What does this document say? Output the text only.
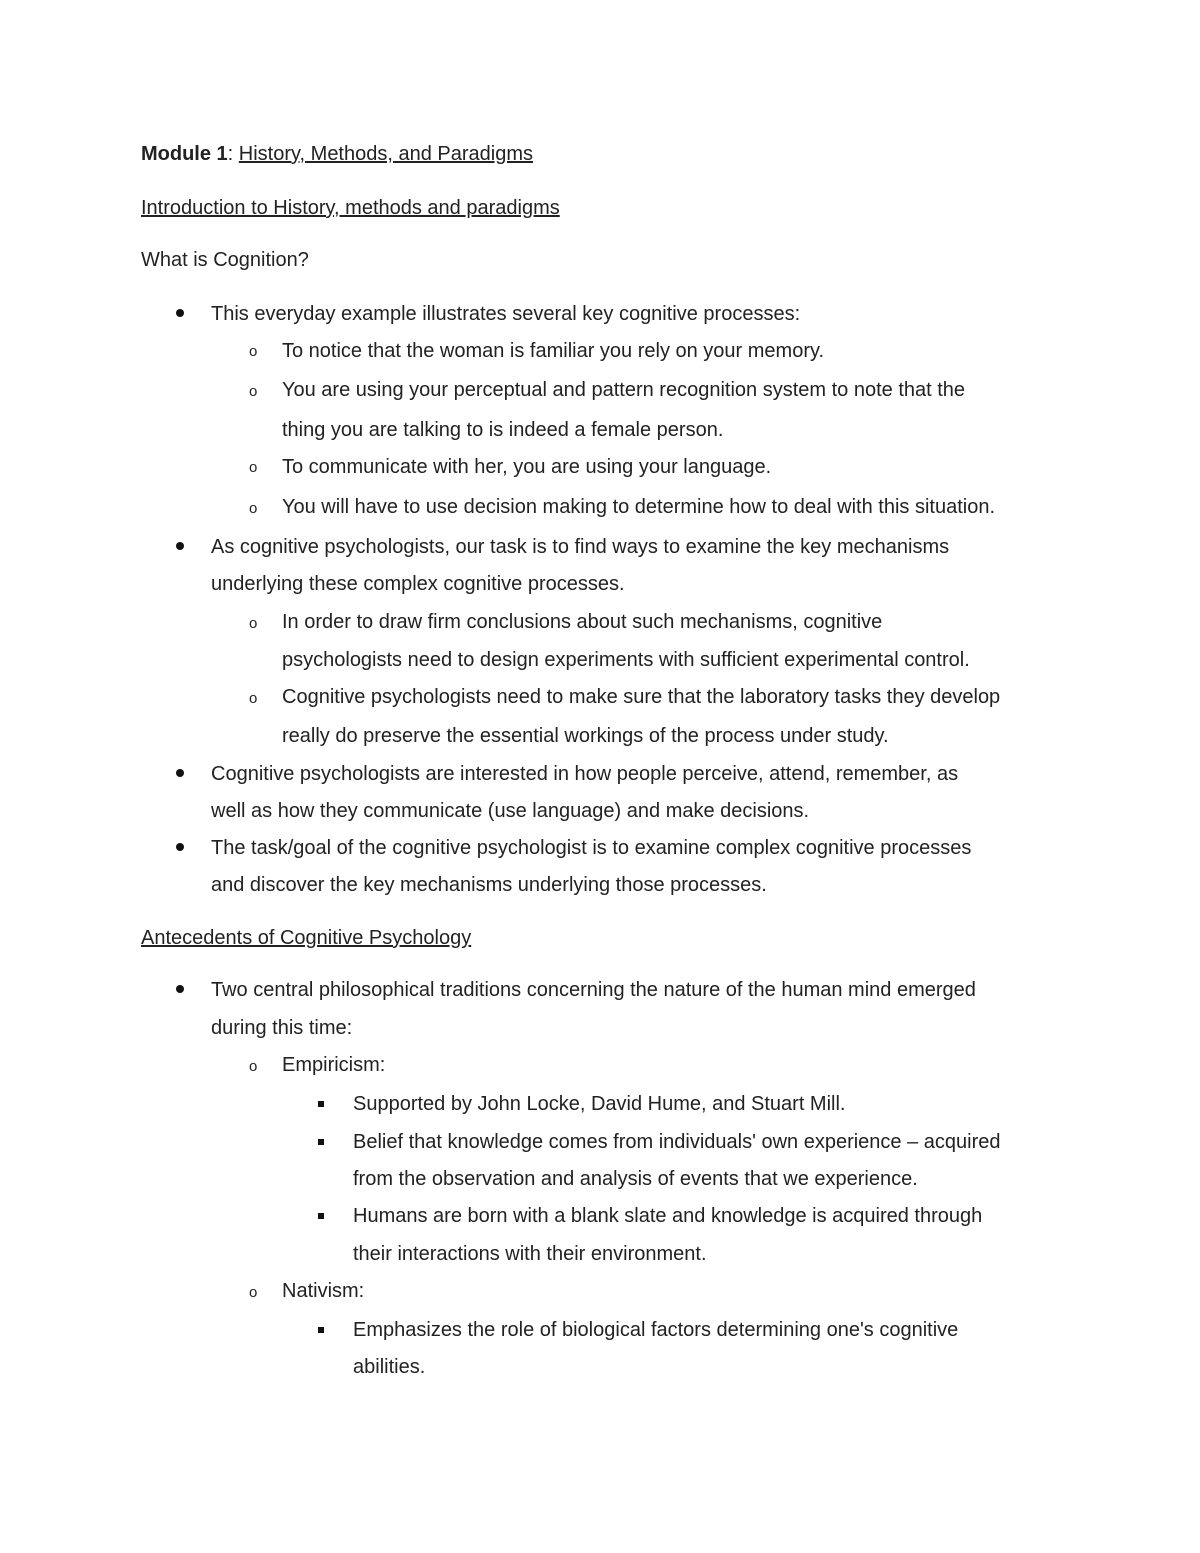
Module 1: History, Methods, and Paradigms
Introduction to History, methods and paradigms
What is Cognition?
This everyday example illustrates several key cognitive processes:
o To notice that the woman is familiar you rely on your memory.
o You are using your perceptual and pattern recognition system to note that the
thing you are talking to is indeed a female person.
o To communicate with her, you are using your language.
o You will have to use decision making to determine how to deal with this situation.
As cognitive psychologists, our task is to find ways to examine the key mechanisms
underlying these complex cognitive processes.
o In order to draw firm conclusions about such mechanisms, cognitive
psychologists need to design experiments with sufficient experimental control.
o Cognitive psychologists need to make sure that the laboratory tasks they develop
really do preserve the essential workings of the process under study.
Cognitive psychologists are interested in how people perceive, attend, remember, as
well as how they communicate (use language) and make decisions.
The task/goal of the cognitive psychologist is to examine complex cognitive processes
and discover the key mechanisms underlying those processes.
Antecedents of Cognitive Psychology
Two central philosophical traditions concerning the nature of the human mind emerged
during this time:
o Empiricism:
Supported by John Locke, David Hume, and Stuart Mill.
Belief that knowledge comes from individuals' own experience – acquired
from the observation and analysis of events that we experience.
Humans are born with a blank slate and knowledge is acquired through
their interactions with their environment.
o Nativism:
Emphasizes the role of biological factors determining one's cognitive
abilities.
